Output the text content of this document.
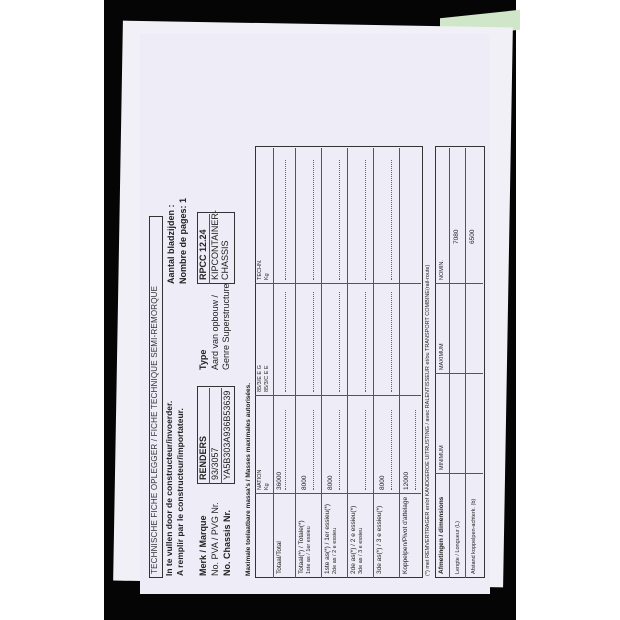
TECHNISCHE FICHE OPLEGGER / FICHE TECHNIQUE SEMI-REMORQUE In te vullen door de constructeur/invoerder. A remplir par le constructeur/importateur.
Aantal bladzijden : Nombre de pages: 1
Merk / Marque No. PVA / PVG Nr. No. Chassis Nr.
RENDERS 93/3057 YA5B303A936B53639
Type Aard van opbouw / Genre Superstructure
RPCC 12.24 KIPCONTAINER- CHASSIS
Maximale toelaatbare massa's / Masses maximales autorisées. NATION Kg
85/3/E E G 85/3/C E E
TECHN. Kg
Totaal/Total
36000
Totaal(*) / Totale(*) 1ste as / 1er essieu
8000
1ste as(*) / 1er essieu(*) 2de as / 2 e essieu
8000
2de as(*) / 2 e essieu(*) 3de as / 3 e essieu 3de as(*) / 3 e essieu(*)
8000
Koppelpen/Pivot d'attelage
12000	(*) met REMVERTRAGER en/of KANDGEROE UITRUSTING / avec RALENTISSEUR et/ou TRANSPORT COMBINE(rail-route) Afmetingen / dimensions
MINIMUM
MAXIMUM
NOMIN.
Lengte / Longueur (L)
7080
Afstand koppelpen-achterk. (b)
6500
